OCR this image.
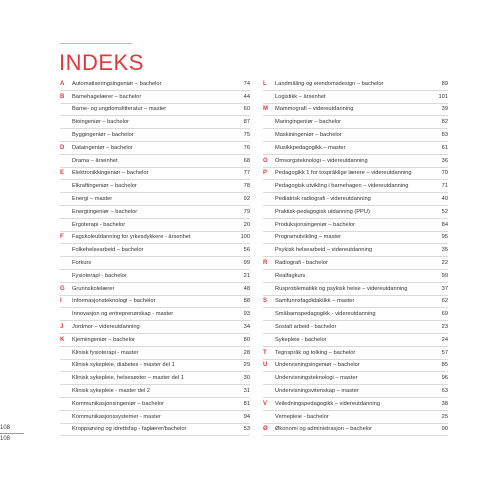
INDEKS
A	Automatiseringsingeniør – bachelor	74
B	Barnehagelærer – bachelor	44
Barne- og ungdomslitteratur – master	60
Bioingeniør – bachelor	87
Byggingeniør – bachelor	75
D	Dataingeniør – bachelor	76
Drama – årsenhet	68
E	Elektronikkingeniør – bachelor	77
Elkraftingeniør – bachelor	78
Energi – master	92
Energiingeniør – bachelor	79
Ergoterapi - bachelor	20
F	Fagskoleutdanning for yrkesdykkere - årsenhet	100
Folkehelsearbeid – bachelor	56
Forkurs	99
Fysioterapi - bachelor	21
G	Grunnskolelærer	48
I	Informasjonsteknologi – bachelor	88
Innovasjon og entreprenørskap - master	93
J	Jordmor – videreutdanning	34
K	Kjemiingeniør – bachelor	80
Klinisk fysioterapi - master	28
Klinisk sykepleie, diabetes - master del 1	29
Klinisk sykepleie, helsesøster – master del 1	30
Klinisk sykepleie - master del 2	31
Kommunikasjonsingeniør – bachelor	81
Kommunikasjonssystemer - master	94
Kroppsøving og idrettsfag - faglærer/bachelor	53
L	Landmåling og eiendomsdesign – bachelor	89
Logistikk – årsenhet	101
M	Mammografi – videreutdanning	39
Maringingeniør – bachelor	82
Maskiningeniør – bachelor	83
Musikkpedagogikk – master	61
O	Omsorgsteknologi – videreutdanning	36
P	Pedagogikk 1 for tospråklige lærere – videreutdanning	70
Pedagogisk utvikling i barnehagen – videreutdanning	71
Pediatrisk radiografi - videreutdanning	40
Praktisk-pedagogisk utdanning (PPU)	52
Produksjonsingeniør – bachelor	84
Programutvikling – master	95
Psykisk helsearbeid – videreutdanning	35
R	Radiografi - bachelor	22
Realfagkurs	99
Rusproblematikk og psykisk helse – videreutdanning	37
S	Samfunnsfagdidaktikk – master	62
Småbarnspedagogikk - videreutdanning	69
Sosialt arbeid - bachelor	23
Sykepleie - bachelor	24
T	Tegnspråk og tolking – bachelor	57
U	Undervisningsingeniør – bachelor	85
Undervisningsteknologi – master	96
Undervisningsvitenskap – master	63
V	Veiledningspedagogikk – videreutdanning	38
Vernepleie - bachelor	25
Ø	Økonomi og administrasjon – bachelor	90
108
108
